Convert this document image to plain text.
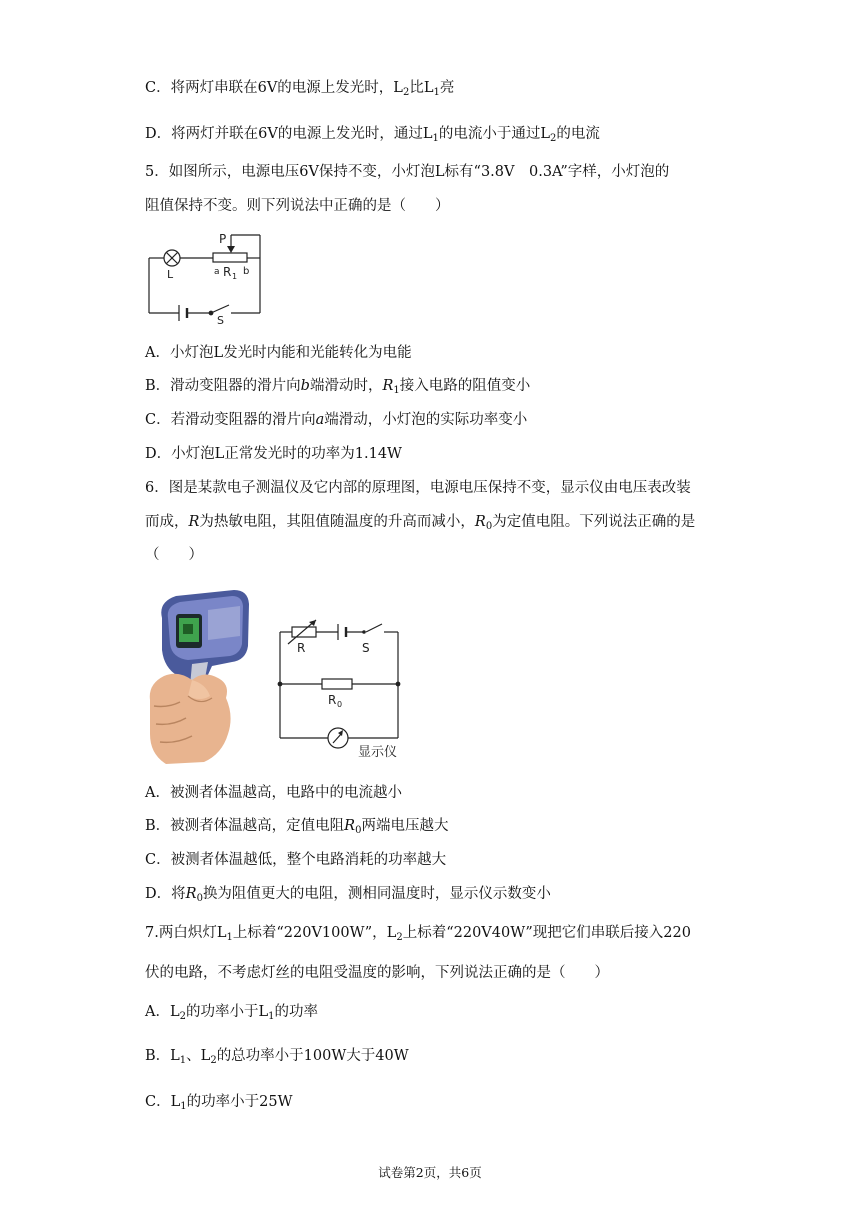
C．将两灯串联在6V的电源上发光时，$L_2$比$L_1$亮
D．将两灯并联在6V的电源上发光时，通过$L_1$的电流小于通过$L_2$的电流
5．如图所示，电源电压6V保持不变，小灯泡L标有“3.8V　0.3A”字样，小灯泡的
阻值保持不变。则下列说法中正确的是（　　）
P
L	a R 1 b
S
A．小灯泡L发光时内能和光能转化为电能
B．滑动变阻器的滑片向b端滑动时，$R_1$接入电路的阻值变小
C．若滑动变阻器的滑片向a端滑动，小灯泡的实际功率变小
D．小灯泡L正常发光时的功率为1.14W
6．图是某款电子测温仪及它内部的原理图，电源电压保持不变，显示仪由电压表改装
而成，R为热敏电阻，其阻值随温度的升高而减小，$R_0$为定值电阻。下列说法正确的是
（　　）
R	S
R 0
显示仪
A．被测者体温越高，电路中的电流越小
B．被测者体温越高，定值电阻$R_0$两端电压越大
C．被测者体温越低，整个电路消耗的功率越大
D．将$R_0$换为阻值更大的电阻，测相同温度时，显示仪示数变小
7.两白炽灯$L_1$上标着“220V100W”，$L_2$上标着“220V40W”现把它们串联后接入220
伏的电路，不考虑灯丝的电阻受温度的影响，下列说法正确的是（　　）
A．$L_2$的功率小于$L_1$的功率
B．$L_1$、$L_2$的总功率小于100W大于40W
C．$L_1$的功率小于25W
试卷第2页，共6页
